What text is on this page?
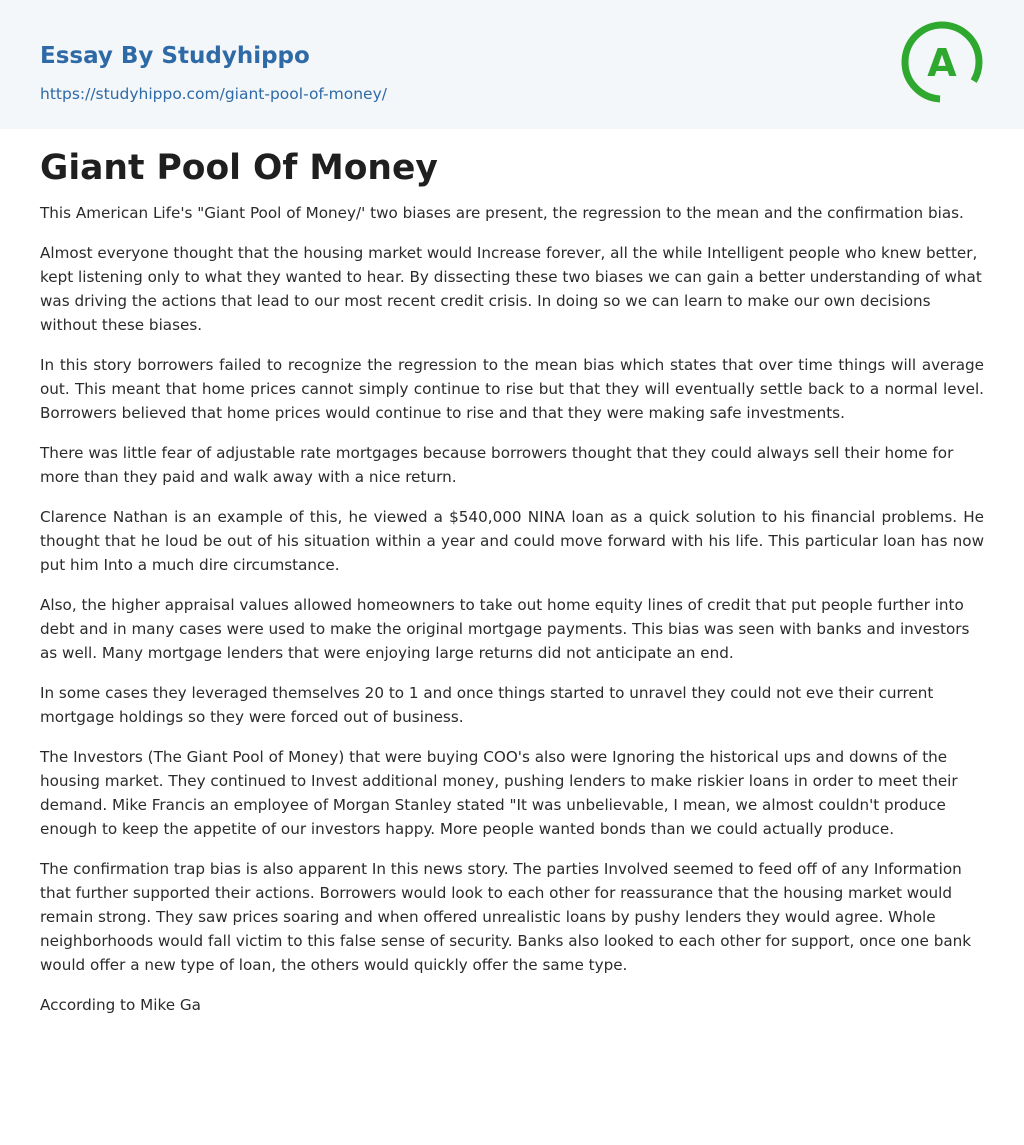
Essay By Studyhippo
https://studyhippo.com/giant-pool-of-money/
A
Giant Pool Of Money

This American Life's "Giant Pool of Money/' two biases are present, the regression to the mean and the confirmation bias.

Almost everyone thought that the housing market would Increase forever, all the while Intelligent people who knew better, kept listening only to what they wanted to hear. By dissecting these two biases we can gain a better understanding of what was driving the actions that lead to our most recent credit crisis. In doing so we can learn to make our own decisions without these biases.

In this story borrowers failed to recognize the regression to the mean bias which states that over time things will average out. This meant that home prices cannot simply continue to rise but that they will eventually settle back to a normal level. Borrowers believed that home prices would continue to rise and that they were making safe investments.

There was little fear of adjustable rate mortgages because borrowers thought that they could always sell their home for more than they paid and walk away with a nice return.

Clarence Nathan is an example of this, he viewed a $540,000 NINA loan as a quick solution to his financial problems. He thought that he loud be out of his situation within a year and could move forward with his life. This particular loan has now put him Into a much dire circumstance.

Also, the higher appraisal values allowed homeowners to take out home equity lines of credit that put people further into debt and in many cases were used to make the original mortgage payments. This bias was seen with banks and investors as well. Many mortgage lenders that were enjoying large returns did not anticipate an end.

In some cases they leveraged themselves 20 to 1 and once things started to unravel they could not eve their current mortgage holdings so they were forced out of business.

The Investors (The Giant Pool of Money) that were buying COO's also were Ignoring the historical ups and downs of the housing market. They continued to Invest additional money, pushing lenders to make riskier loans in order to meet their demand. Mike Francis an employee of Morgan Stanley stated "It was unbelievable, I mean, we almost couldn't produce enough to keep the appetite of our investors happy. More people wanted bonds than we could actually produce.

The confirmation trap bias is also apparent In this news story. The parties Involved seemed to feed off of any Information that further supported their actions. Borrowers would look to each other for reassurance that the housing market would remain strong. They saw prices soaring and when offered unrealistic loans by pushy lenders they would agree. Whole neighborhoods would fall victim to this false sense of security. Banks also looked to each other for support, once one bank would offer a new type of loan, the others would quickly offer the same type.

According to Mike Ga
